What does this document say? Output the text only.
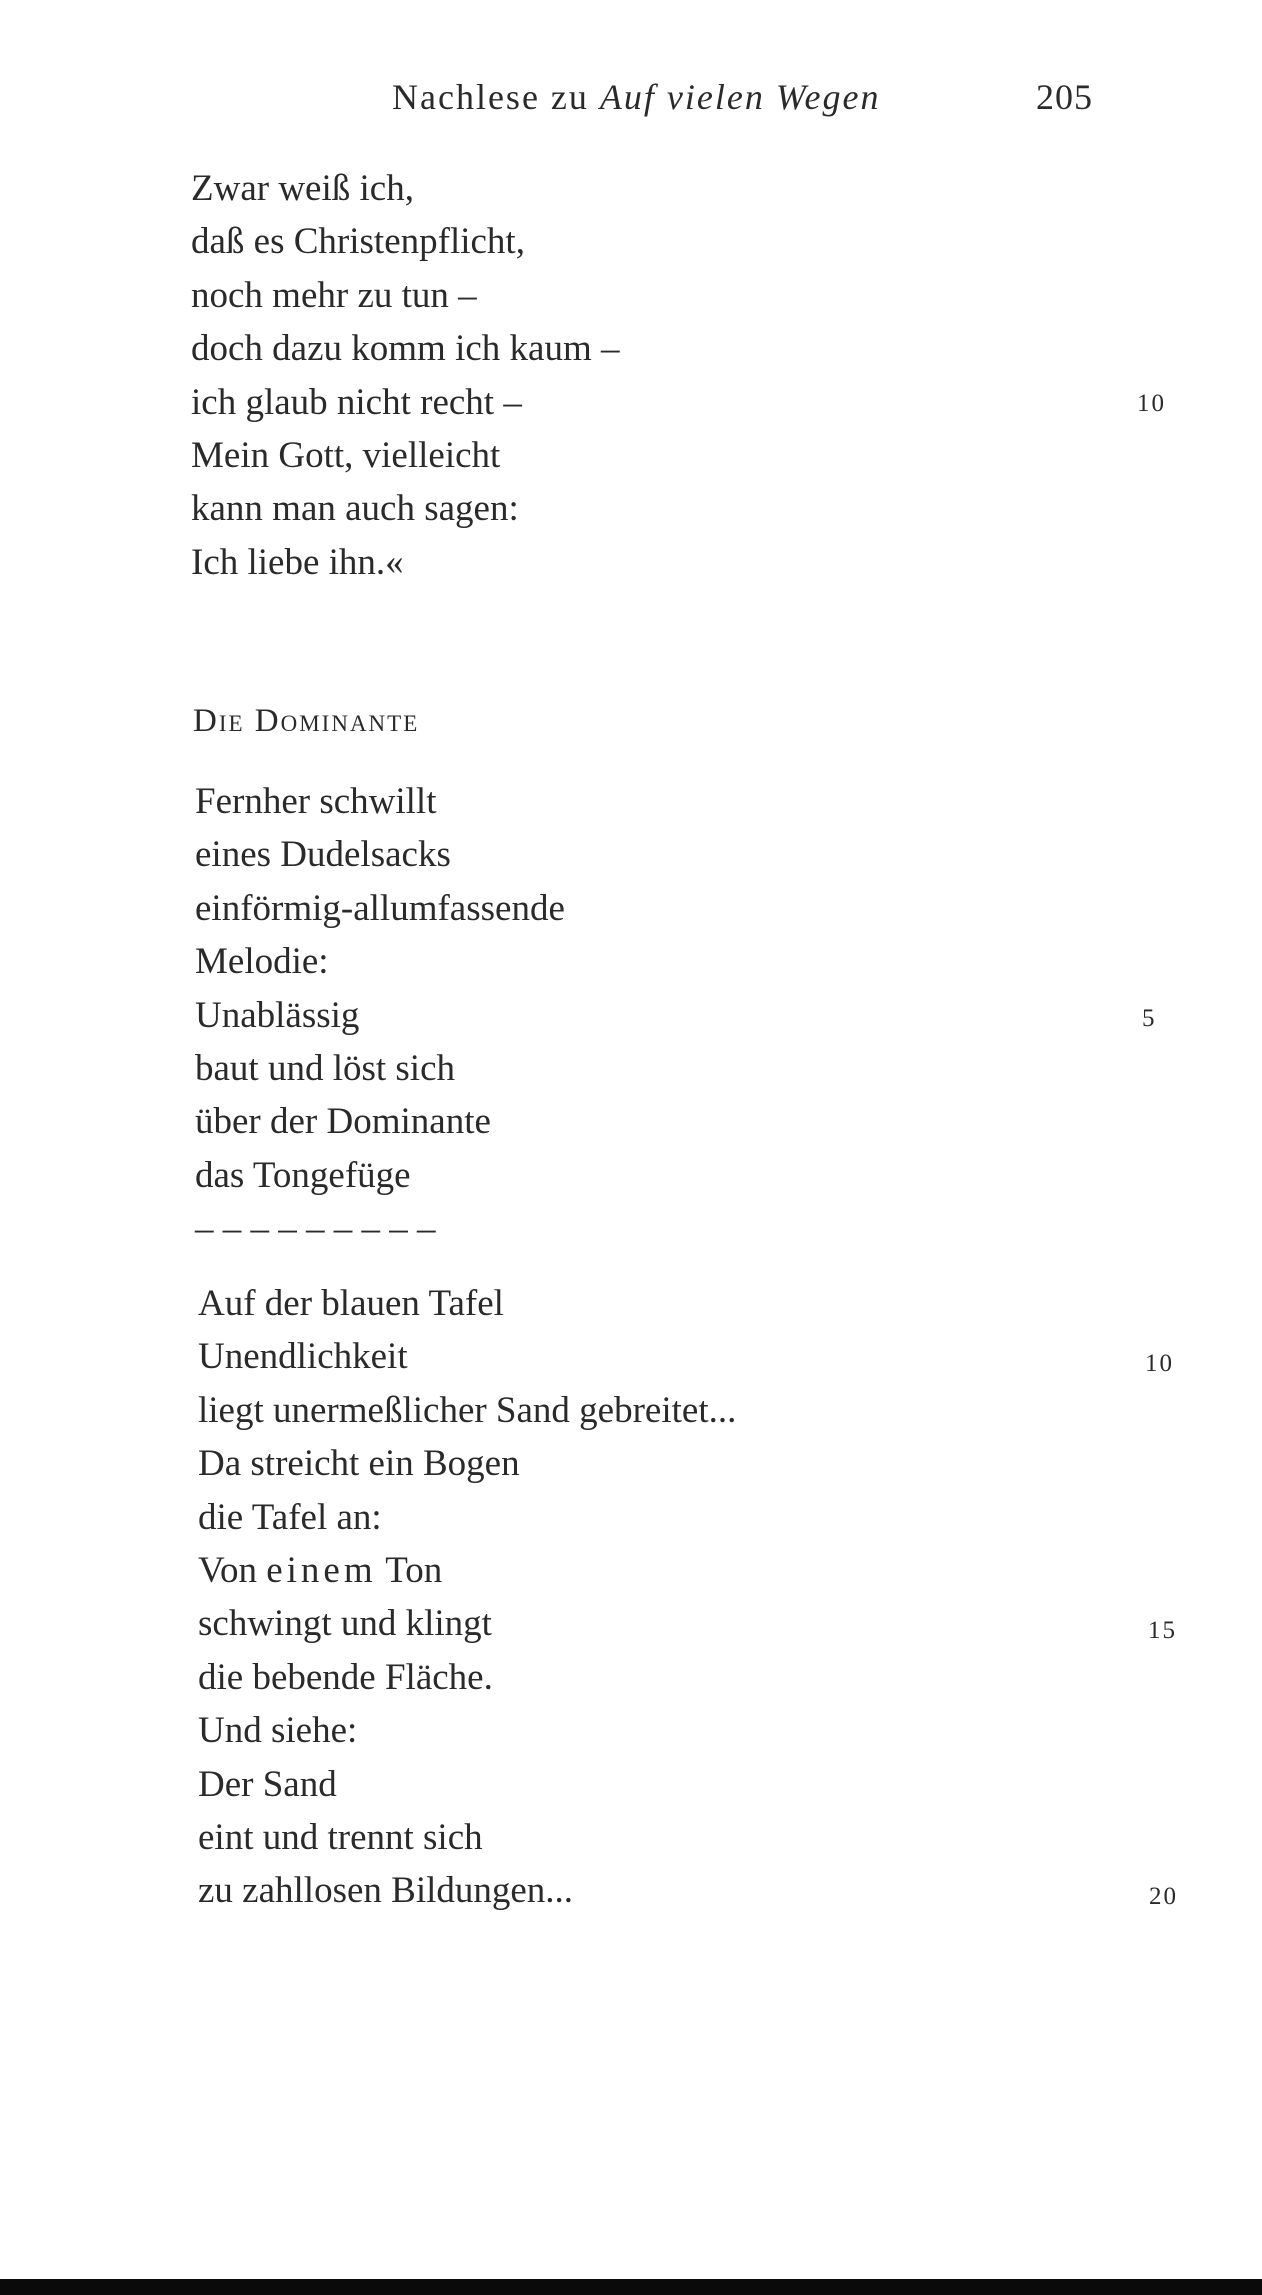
Nachlese zu Auf vielen Wegen	205
Zwar weiß ich,
daß es Christenpflicht,
noch mehr zu tun –
doch dazu komm ich kaum –
ich glaub nicht recht –
Mein Gott, vielleicht
kann man auch sagen:
Ich liebe ihn.«
10
Die Dominante
Fernher schwillt
eines Dudelsacks
einförmig-allumfassende
Melodie:
Unablässig
baut und löst sich
über der Dominante
das Tongefüge
– – – – – – – – –
Auf der blauen Tafel
Unendlichkeit
liegt unermeßlicher Sand gebreitet...
Da streicht ein Bogen
die Tafel an:
Von einem Ton
schwingt und klingt
die bebende Fläche.
Und siehe:
Der Sand
eint und trennt sich
zu zahllosen Bildungen...
5
10
15
20
